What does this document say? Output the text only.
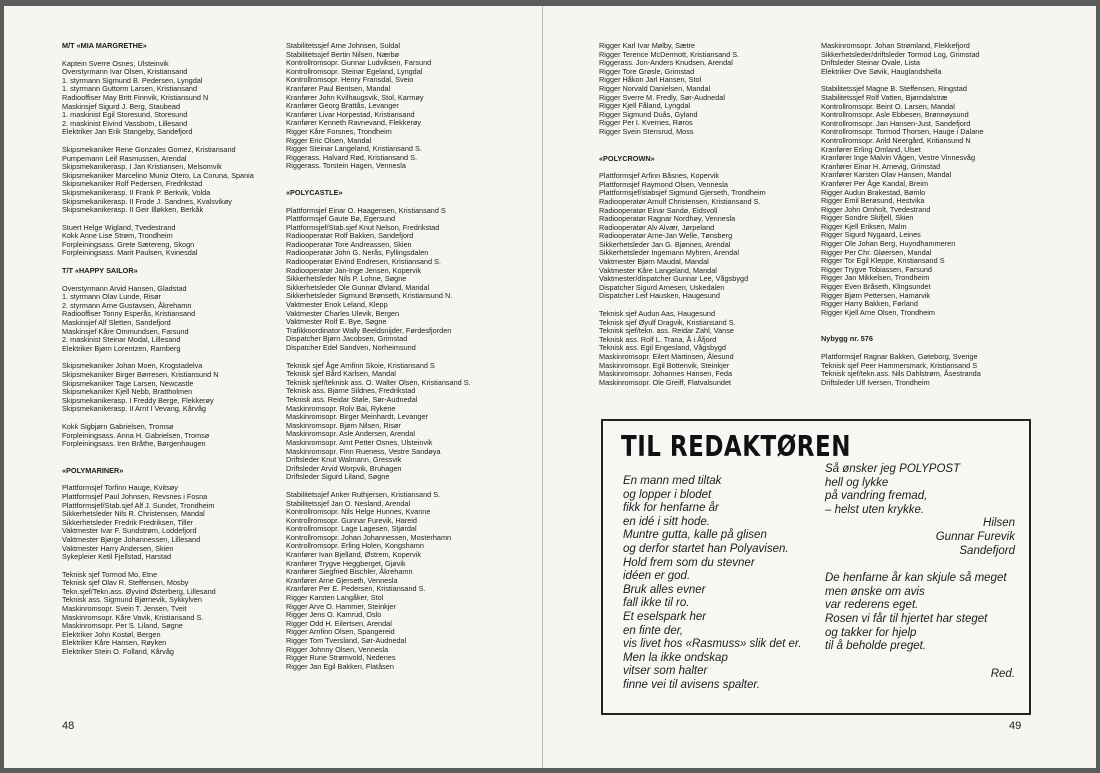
M/T «MIA MARGRETHE»
Kaptein Sverre Osnes, Ulsteinvik
Overstyrmann Ivar Olsen, Kristiansand
1. styrmann Sigmund B. Pedersen, Lyngdal
1. styrmann Guttorm Larsen, Kristiansand
Radiooffiser May Britt Finnvik, Kristiansund N
Maskinsjef Sigurd J. Berg, Staubead
1. maskinist Egil Storesund, Storesund
2. maskinist Eivind Vassbotn, Lillesand
Elektriker Jan Erik Stangeby, Sandefjord
Skipsmekaniker Rene Gonzales Gomez, Kristiansand
Pumpemann Leif Rasmussen, Arendal
Skipsmekanikerasp. I Jan Kristiansen, Melsomvik
Skipsmekaniker Marcelino Muniz Otero, La Coruna, Spania
Skipsmekaniker Rolf Pedersen, Fredrikstad
Skipsmekanikerasp. II Frank P. Berkvik, Volda
Skipsmekanikerasp. II Frode J. Sandnes, Kvalsvikøy
Skipsmekanikerasp. II Geir Illøkken, Berkåk
Stuert Helge Wigland, Tvedestrand
Kokk Anne Lise Strøm, Trondheim
Forpleiningsass. Grete Sætereng, Skogn
Forpleiningsass. Marit Paulsen, Kvinesdal
T/T «HAPPY SAILOR»
Overstyrmann Arvid Hansen, Gladstad
1. styrmann Olav Lunde, Risør
2. styrmann Arne Gustavsen, Åkrehamn
Radiooffiser Tonny Esperås, Kristiansand
Maskinsjef Alf Sletten, Sandefjord
Maskinsjef Kåre Ommundsen, Farsund
2. maskinist Steinar Modal, Lillesand
Elektriker Bjørn Lorentzen, Ramberg
Skipsmekaniker Johan Moen, Krogstadelva
Skipsmekaniker Birger Børresen, Kristiansund N
Skipsmekaniker Tage Larsen, Newcastle
Skipsmekaniker Kjell Nebb, Brattholmen
Skipsmekanikerasp. I Freddy Berge, Flekkerøy
Skipsmekanikerasp. II Arnt I Vevang, Kårvåg
Kokk Sigbjørn Gabrielsen, Tromsø
Forpleiningsass. Anna H. Gabrielsen, Tromsø
Forpleiningsass. Iren Bråthe, Børgenhaugen
«POLYMARINER»
Plattformsjef Torfinn Hauge, Kvitsøy
Plattformsjef Paul Johnsen, Revsnes i Fosna
Plattformsjef/Stab.sjef Alf J. Sundet, Trondheim
Sikkerhetsleder Nils R. Christensen, Mandal
Sikkerhetsleder Fredrik Fredriksen, Tiller
Vaktmester Ivar F. Sundstrøm, Loddefjord
Vaktmester Bjørge Johannessen, Lillesand
Vaktmester Harry Andersen, Skien
Sykepleier Ketil Fjellstad, Harstad
Teknisk sjef Tormod Mo, Etne
Teknisk sjef Olav R. Steffensen, Mosby
Tekn.sjef/Tekn.ass. Øyvind Østerberg, Lillesand
Teknisk ass. Sigmund Bjørnevik, Sykkylven
Maskinromsopr. Svein T. Jensen, Tveit
Maskinromsopr. Kåre Vavik, Kristiansand S.
Maskinromsopr. Per S. Liland, Søgne
Elektriker John Kostøl, Bergen
Elektriker Kåre Hansen, Røyken
Elektriker Stein O. Folland, Kårvåg
Stabilitetssjef Arne Johnsen, Suldal
Stabilitetssjef Bertin Nilsen, Nærbø
Kontrollromsopr. Gunnar Ludviksen, Farsund
Kontrollromsopr. Steinar Egeland, Lyngdal
Kontrollromsopr. Henry Fransdal, Sveio
Kranfører Paul Bentsen, Mandal
Kranfører John Kvilhaugsvik, Stol, Karmøy
Kranfører Georg Brattås, Levanger
Kranfører Livar Horpestad, Kristiansand
Kranfører Kenneth Ravnevand, Flekkerøy
Rigger Kåre Forsnes, Trondheim
Rigger Eric Olsen, Mandal
Rigger Steinar Langeland, Kristiansand S.
Riggerass. Halvard Rød, Kristiansand S.
Riggerass. Torstein Hagen, Vennesla
«POLYCASTLE»
Plattformsjef Einar O. Haagensen, Kristiansand S
Plattformsjef Gaute Bø, Egersund
Plattformsjef/Stab.sjef Knut Nelson, Fredrikstad
Radiooperatør Rolf Bakken, Sandefjord
Radiooperatør Tore Andreassen, Skien
Radiooperatør John G. Nerås, Fyllingsdalen
Radiooperatør Eivind Endresen, Kristiansand S.
Radiooperatør Jan-Inge Jensen, Kopervik
Sikkerhetsleder Nils P. Lohne, Søgne
Sikkerhetsleder Ole Gunnar Øvland, Mandal
Sikkerhetsleder Sigmund Brønseth, Kristiansund N.
Vaktmester Enok Leland, Klepp
Vaktmester Charles Ulevik, Bergen
Vaktmester Rolf E. Bye, Søgne
Trafikkoordinator Wally Beeldsnijder, Førdesfjorden
Dispatcher Bjørn Jacobsen, Grimstad
Dispatcher Edel Sandven, Norheimsund
Teknisk sjef Åge Arnfinn Skoie, Kristiansand S
Teknisk sjef Bård Karlsen, Mandal
Teknisk sjef/teknisk ass. O. Walter Olsen, Kristiansand S.
Teknisk ass. Bjarne Sildnes, Fredrikstad
Teknisk ass. Reidar Støle, Sør-Audnedal
Maskinromsopr. Rolv Bai, Rykene
Maskinromsopr. Birger Meinhardt, Levanger
Maskinromsopr. Bjørn Nilsen, Risør
Maskinromsopr. Asle Andersen, Arendal
Maskinromsopr. Arnt Petter Osnes, Ulsteinvik
Maskinromsopr. Finn Rueness, Vestre Sandøya
Driftsleder Knut Walmann, Gressvik
Driftsleder Arvid Worpvik, Bruhagen
Driftsleder Sigurd Liland, Søgne
Stabilitetssjef Anker Ruthjersen, Kristiansand S.
Stabilitetssjef Jan O. Nesland, Arendal
Kontrollromsopr. Nils Helge Hunnes, Kvanne
Kontrollromsopr. Gunnar Furevik, Hareid
Kontrollromsopr. Lage Lagesen, Stjørdal
Kontrollromsopr. Johan Johannessen, Mosterhamn
Kontrollromsopr. Erling Holen, Kongshamn
Kranfører Ivan Bjelland, Østrem, Kopervik
Kranfører Trygve Heggberget, Gjøvik
Kranfører Siegfried Bischler, Åkrehamn
Kranfører Arne Gjerseth, Vennesla
Kranfører Per E. Pedersen, Kristiansand S.
Rigger Karsten Langåker, Stol
Rigger Arve O. Hammer, Steinkjer
Rigger Jens O. Kamrud, Oslo
Rigger Odd H. Eilertsen, Arendal
Rigger Arnfinn Olsen, Spangereid
Rigger Tom Tversland, Sør-Audnedal
Rigger Johnny Olsen, Vennesla
Rigger Rune Strømvold, Nedenes
Rigger Jan Egil Bakken, Flatåsen
48
Rigger Karl Ivar Mølby, Sætre
Rigger Terence McDermott, Kristiansand S.
Riggerass. Jon-Anders Knudsen, Arendal
Rigger Tore Grøsle, Grimstad
Rigger Håkon Jarl Hansen, Stol
Rigger Norvald Danielsen, Mandal
Rigger Sverre M. Fredly, Sør-Audnedal
Rigger Kjell Fåland, Lyngdal
Rigger Sigmund Duås, Gyland
Rigger Per I. Kvernes, Røros
Rigger Svein Stensrud, Moss
«POLYCROWN»
Plattformsjef Arfinn Båsnes, Kopervik
Plattformsjef Raymond Olsen, Vennesla
Plattformsjef/stabsjef Sigmund Gjerseth, Trondheim
Radiooperatør Arnulf Christensen, Kristiansand S.
Radiooperatør Einar Sandø, Eidsvoll
Radiooperatør Ragnar Nordhøy, Vennesla
Radiooperatør Alv Alvær, Jørpeland
Radiooperatør Arne-Jan Welle, Tønsberg
Sikkerhetsleder Jan G. Bjønnes, Arendal
Sikkerhetsleder Ingemann Myhren, Arendal
Vaktmester Bjørn Maudal, Mandal
Vaktmester Kåre Langeland, Mandal
Vaktmester/dispatcher Gunnar Lee, Vågsbygd
Dispatcher Sigurd Arnesen, Uskedalen
Dispatcher Leif Hausken, Haugesund
Teknisk sjef Audun Aas, Haugesund
Teknisk sjef Øyulf Dragvik, Kristiansand S.
Teknisk sjef/tekn. ass. Reidar Zahl, Vanse
Teknisk ass. Rolf L. Trana, Å i Åfjord
Teknisk ass. Egil Engesland, Vågsbygd
Maskinromsopr. Eilert Martinsen, Ålesund
Maskinromsopr. Egil Bottenvik, Steinkjer
Maskinromsopr. Johannes Hansen, Feda
Maskinromsopr. Ole Greiff, Flatvalsundet
Maskinromsopr. Johan Strømland, Flekkefjord
Sikkerhetsleder/driftsleder Tormod Log, Grimstad
Driftsleder Steinar Ovale, Lista
Elektriker Ove Søvik, Hauglandshella
Stabilitetssjef Magne B. Steffensen, Ringstad
Stabilitetssjef Rolf Vatten, Bjørndalstræ
Kontrollromsopr. Beint O. Larsen, Mandal
Kontrollromsopr. Asle Ebbesen, Brønnøysund
Kontrollromsopr. Jan Hansen-Just, Sandefjord
Kontrollromsopr. Tormod Thorsen, Hauge i Dalane
Kontrollromsopr. Arild Neergård, Kritiansund N
Kranfører Erling Omland, Ulset
Kranfører Inge Malvin Vågen, Vestre Vinnesvåg
Kranfører Einar H. Arnevig, Grimstad
Kranfører Karsten Olav Hansen, Mandal
Kranfører Per Åge Kandal, Breim
Rigger Audun Brakestad, Bømlo
Rigger Emil Berøsund, Hestvika
Rigger John Omholt, Tvedestrand
Rigger Sondre Skifjell, Skien
Rigger Kjell Eriksen, Malm
Rigger Sigurd Nygaard, Leines
Rigger Ole Johan Berg, Huyndhammeren
Rigger Per Chr. Gløersen, Mandal
Rigger Tor Egil Kleppe, Kristiansand S
Rigger Trygve Tobiassen, Farsund
Rigger Jan Mikkelsen, Trondheim
Rigger Even Bråseth, Klingsundet
Rigger Bjørn Pettersen, Hamarvik
Rigger Harry Bakken, Førland
Rigger Kjell Arne Olsen, Trondheim
Nybygg nr. 576
Plattformsjef Ragnar Bakken, Gøteborg, Sverige
Teknisk sjef Peer Hammersmark, Kristiansand S
Teknisk sjef/tekn.ass. Nils Dahlstrøm, Åsestranda
Driftsleder Ulf Iversen, Trondheim
TIL REDAKTØREN
En mann med tiltak
og lopper i blodet
fikk for henfarne år
en idé i sitt hode.
Muntre gutta, kalle på glisen
og derfor startet han Polyavisen.
Hold frem som du stevner
idéen er god.
Bruk alles evner
fall ikke til ro.
Et eselspark her
en finte der,
vis livet hos «Rasmuss» slik det er.
Men la ikke ondskap
vitser som halter
finne vei til avisens spalter.
Så ønsker jeg POLYPOST
hell og lykke
på vandring fremad,
– helst uten krykke.
Hilsen
Gunnar Furevik
Sandefjord
De henfarne år kan skjule så meget
men ønske om avis
var rederens eget.
Rosen vi får til hjertet har steget
og takker for hjelp
til å beholde preget.
Red.
49
